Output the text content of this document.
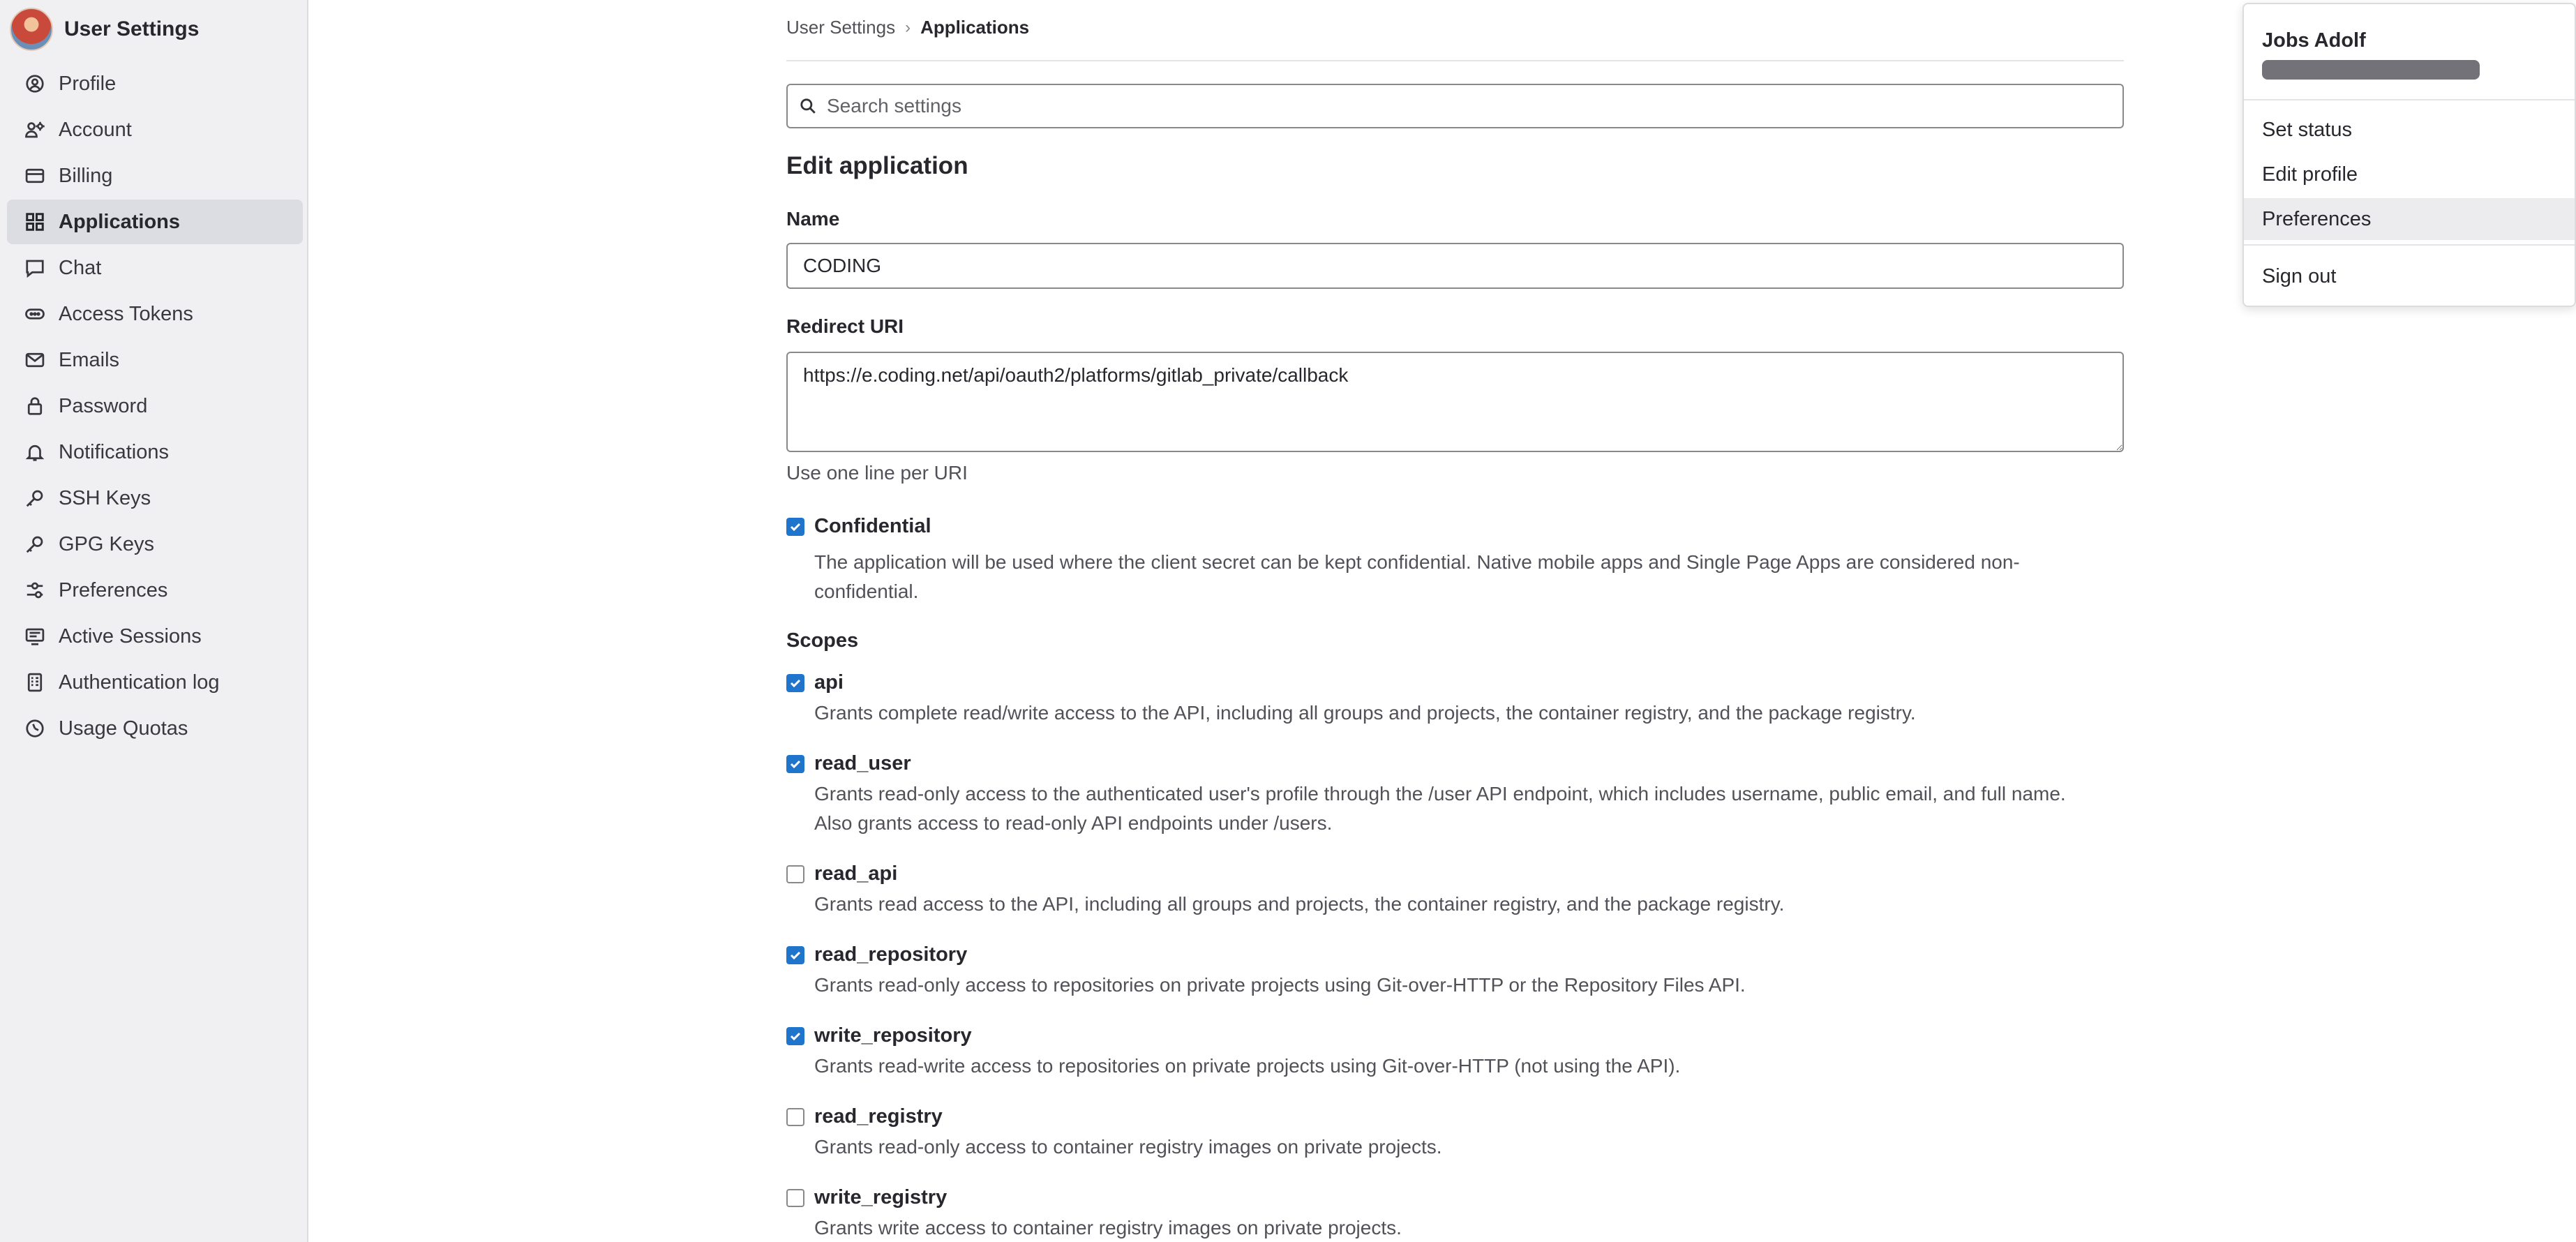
User Settings
Profile
Account
Billing
Applications
Chat
Access Tokens
Emails
Password
Notifications
SSH Keys
GPG Keys
Preferences
Active Sessions
Authentication log
Usage Quotas
User Settings › Applications
Search settings
Edit application
Name
CODING
Redirect URI
https://e.coding.net/api/oauth2/platforms/gitlab_private/callback
Use one line per URI
Confidential
The application will be used where the client secret can be kept confidential. Native mobile apps and Single Page Apps are considered non-
confidential.
Scopes
api
Grants complete read/write access to the API, including all groups and projects, the container registry, and the package registry.
read_user
Grants read-only access to the authenticated user's profile through the /user API endpoint, which includes username, public email, and full name.
Also grants access to read-only API endpoints under /users.
read_api
Grants read access to the API, including all groups and projects, the container registry, and the package registry.
read_repository
Grants read-only access to repositories on private projects using Git-over-HTTP or the Repository Files API.
write_repository
Grants read-write access to repositories on private projects using Git-over-HTTP (not using the API).
read_registry
Grants read-only access to container registry images on private projects.
write_registry
Grants write access to container registry images on private projects.
Jobs Adolf
Set status
Edit profile
Preferences
Sign out
